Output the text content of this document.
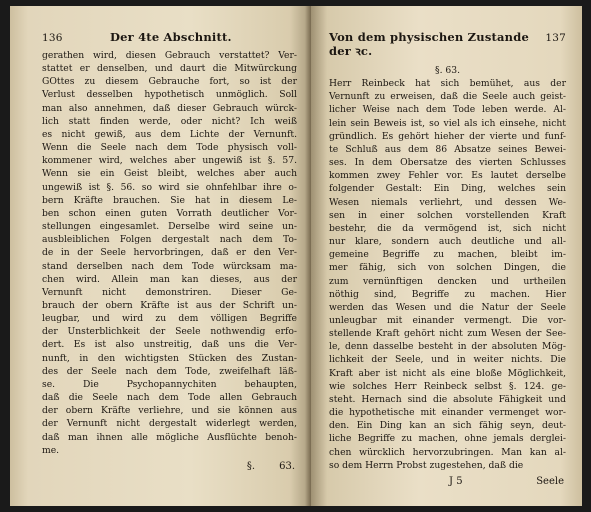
136	Der 4te Abschnitt.

gerathen wird, diesen Gebrauch verstattet? Ver-

stattet er denselben, und daurt die Mitwürckung

GOttes zu diesem Gebrauche fort, so ist der

Verlust desselben hypothetisch unmöglich. Soll

man also annehmen, daß dieser Gebrauch würck-

lich statt finden werde, oder nicht? Ich weiß

es nicht gewiß, aus dem Lichte der Vernunft.

Wenn die Seele nach dem Tode physisch voll-

kommener wird, welches aber ungewiß ist §. 57.

Wenn sie ein Geist bleibt, welches aber auch

ungewiß ist §. 56. so wird sie ohnfehlbar ihre o-

bern Kräfte brauchen. Sie hat in diesem Le-

ben schon einen guten Vorrath deutlicher Vor-

stellungen eingesamlet. Derselbe wird seine un-

ausbleiblichen Folgen dergestalt nach dem To-

de in der Seele hervorbringen, daß er den Ver-

stand derselben nach dem Tode würcksam ma-

chen wird. Allein man kan dieses, aus der

Vernunft nicht demonstriren. Dieser Ge-

brauch der obern Kräfte ist aus der Schrift un-

leugbar, und wird zu dem völligen Begriffe

der Unsterblichkeit der Seele nothwendig erfo-

dert. Es ist also unstreitig, daß uns die Ver-

nunft, in den wichtigsten Stücken des Zustan-

des der Seele nach dem Tode, zweifelhaft läß-

se. Die Psychopannychiten behaupten,

daß die Seele nach dem Tode allen Gebrauch

der obern Kräfte verliehre, und sie können aus

der Vernunft nicht dergestalt widerlegt werden,

daß man ihnen alle mögliche Ausflüchte benoh-

me.

§. 63.
Von dem physischen Zustande der ꝛc.
137

§. 63.

Herr Reinbeck hat sich bemühet, aus der

Vernunft zu erweisen, daß die Seele auch geist-

licher Weise nach dem Tode leben werde. Al-

lein sein Beweis ist, so viel als ich einsehe, nicht

gründlich. Es gehört hieher der vierte und funf-

te Schluß aus dem 86 Absatze seines Bewei-

ses. In dem Obersatze des vierten Schlusses

kommen zwey Fehler vor. Es lautet derselbe

folgender Gestalt: Ein Ding, welches sein

Wesen niemals verliehrt, und dessen We-

sen in einer solchen vorstellenden Kraft

bestehr, die da vermögend ist, sich nicht

nur klare, sondern auch deutliche und all-

gemeine Begriffe zu machen, bleibt im-

mer fähig, sich von solchen Dingen, die

zum vernünftigen dencken und urtheilen

nöthig sind, Begriffe zu machen. Hier

werden das Wesen und die Natur der Seele

unleugbar mit einander vermengt. Die vor-

stellende Kraft gehört nicht zum Wesen der See-

le, denn dasselbe besteht in der absoluten Mög-

lichkeit der Seele, und in weiter nichts. Die

Kraft aber ist nicht als eine bloße Möglichkeit,

wie solches Herr Reinbeck selbst §. 124. ge-

steht. Hernach sind die absolute Fähigkeit und

die hypothetische mit einander vermenget wor-

den. Ein Ding kan an sich fähig seyn, deut-

liche Begriffe zu machen, ohne jemals derglei-

chen würcklich hervorzubringen. Man kan al-

so dem Herrn Probst zugestehen, daß die

J 5	Seele
